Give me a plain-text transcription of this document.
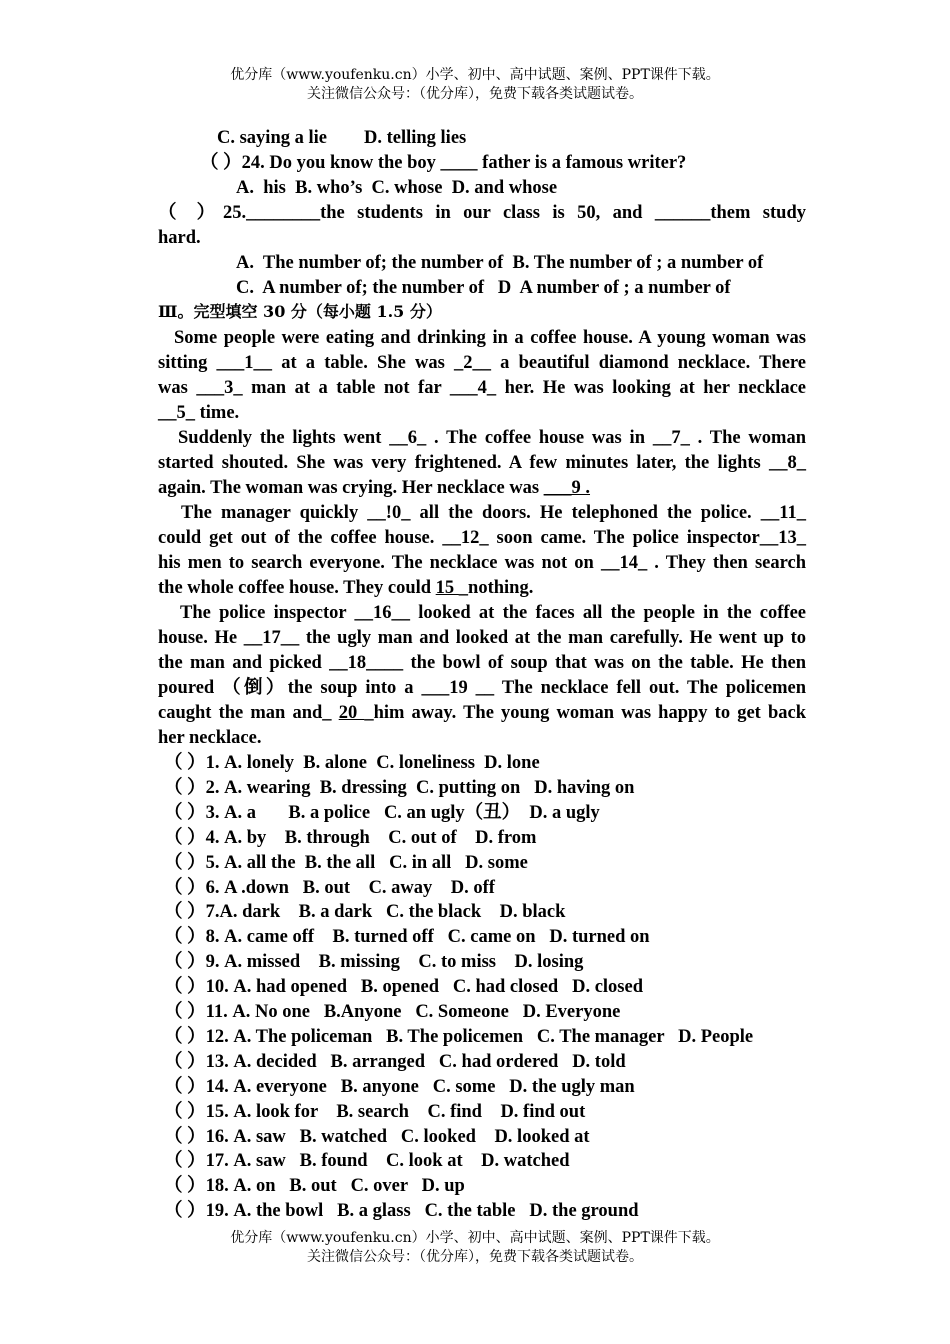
优分库（www.youfenku.cn）小学、初中、高中试题、案例、PPT课件下载。
关注微信公众号：（优分库），免费下载各类试题试卷。
C. saying a lie        D. telling lies
（ ）24. Do you know the boy ____ father is a famous writer?
A.  his  B. who’s  C. whose  D. and whose
（ ）25.________the students in our class is 50, and ______them study
hard.
A.  The number of; the number of  B. The number of ; a number of
C.  A number of; the number of   D  A number of ; a number of
Ⅲ。完型填空 30 分（每小题 1.5 分）
Some people were eating and drinking in a coffee house. A young woman was
sitting ___1__ at a table. She was _2__ a beautiful diamond necklace. There
was ___3_ man at a table not far ___4_ her. He was looking at her necklace
__5_ time.
Suddenly the lights went __6_ . The coffee house was in __7_ . The woman
started shouted. She was very frightened. A few minutes later, the lights __8_
again. The woman was crying. Her necklace was ___9 .
The manager quickly __!0_ all the doors. He telephoned the police. __11_
could get out of the coffee house. __12_ soon came. The police inspector__13_
his men to search everyone. The necklace was not on __14_ . They then search
the whole coffee house. They could 15 _nothing.
The police inspector __16__ looked at the faces all the people in the coffee
house. He __17__ the ugly man and looked at the man carefully. He went up to
the man and picked __18____ the bowl of soup that was on the table. He then
poured （倒）the soup into a ___19 __ The necklace fell out. The policemen
caught the man and_ 20 _him away. The young woman was happy to get back
her necklace.
（ ）1. A. lonely  B. alone  C. loneliness  D. lone
（ ）2. A. wearing  B. dressing  C. putting on   D. having on
（ ）3. A. a       B. a police   C. an ugly（丑）  D. a ugly
（ ）4. A. by    B. through    C. out of    D. from
（ ）5. A. all the  B. the all   C. in all   D. some
（ ）6. A .down   B. out    C. away    D. off
（ ）7.A. dark    B. a dark   C. the black    D. black
（ ）8. A. came off    B. turned off   C. came on   D. turned on
（ ）9. A. missed    B. missing    C. to miss    D. losing
（ ）10. A. had opened   B. opened   C. had closed   D. closed
（ ）11. A. No one   B.Anyone   C. Someone   D. Everyone
（ ）12. A. The policeman   B. The policemen   C. The manager   D. People
（ ）13. A. decided   B. arranged   C. had ordered   D. told
（ ）14. A. everyone   B. anyone   C. some   D. the ugly man
（ ）15. A. look for    B. search    C. find    D. find out
（ ）16. A. saw   B. watched   C. looked    D. looked at
（ ）17. A. saw   B. found    C. look at    D. watched
（ ）18. A. on   B. out   C. over   D. up
（ ）19. A. the bowl   B. a glass   C. the table   D. the ground
优分库（www.youfenku.cn）小学、初中、高中试题、案例、PPT课件下载。
关注微信公众号：（优分库），免费下载各类试题试卷。
